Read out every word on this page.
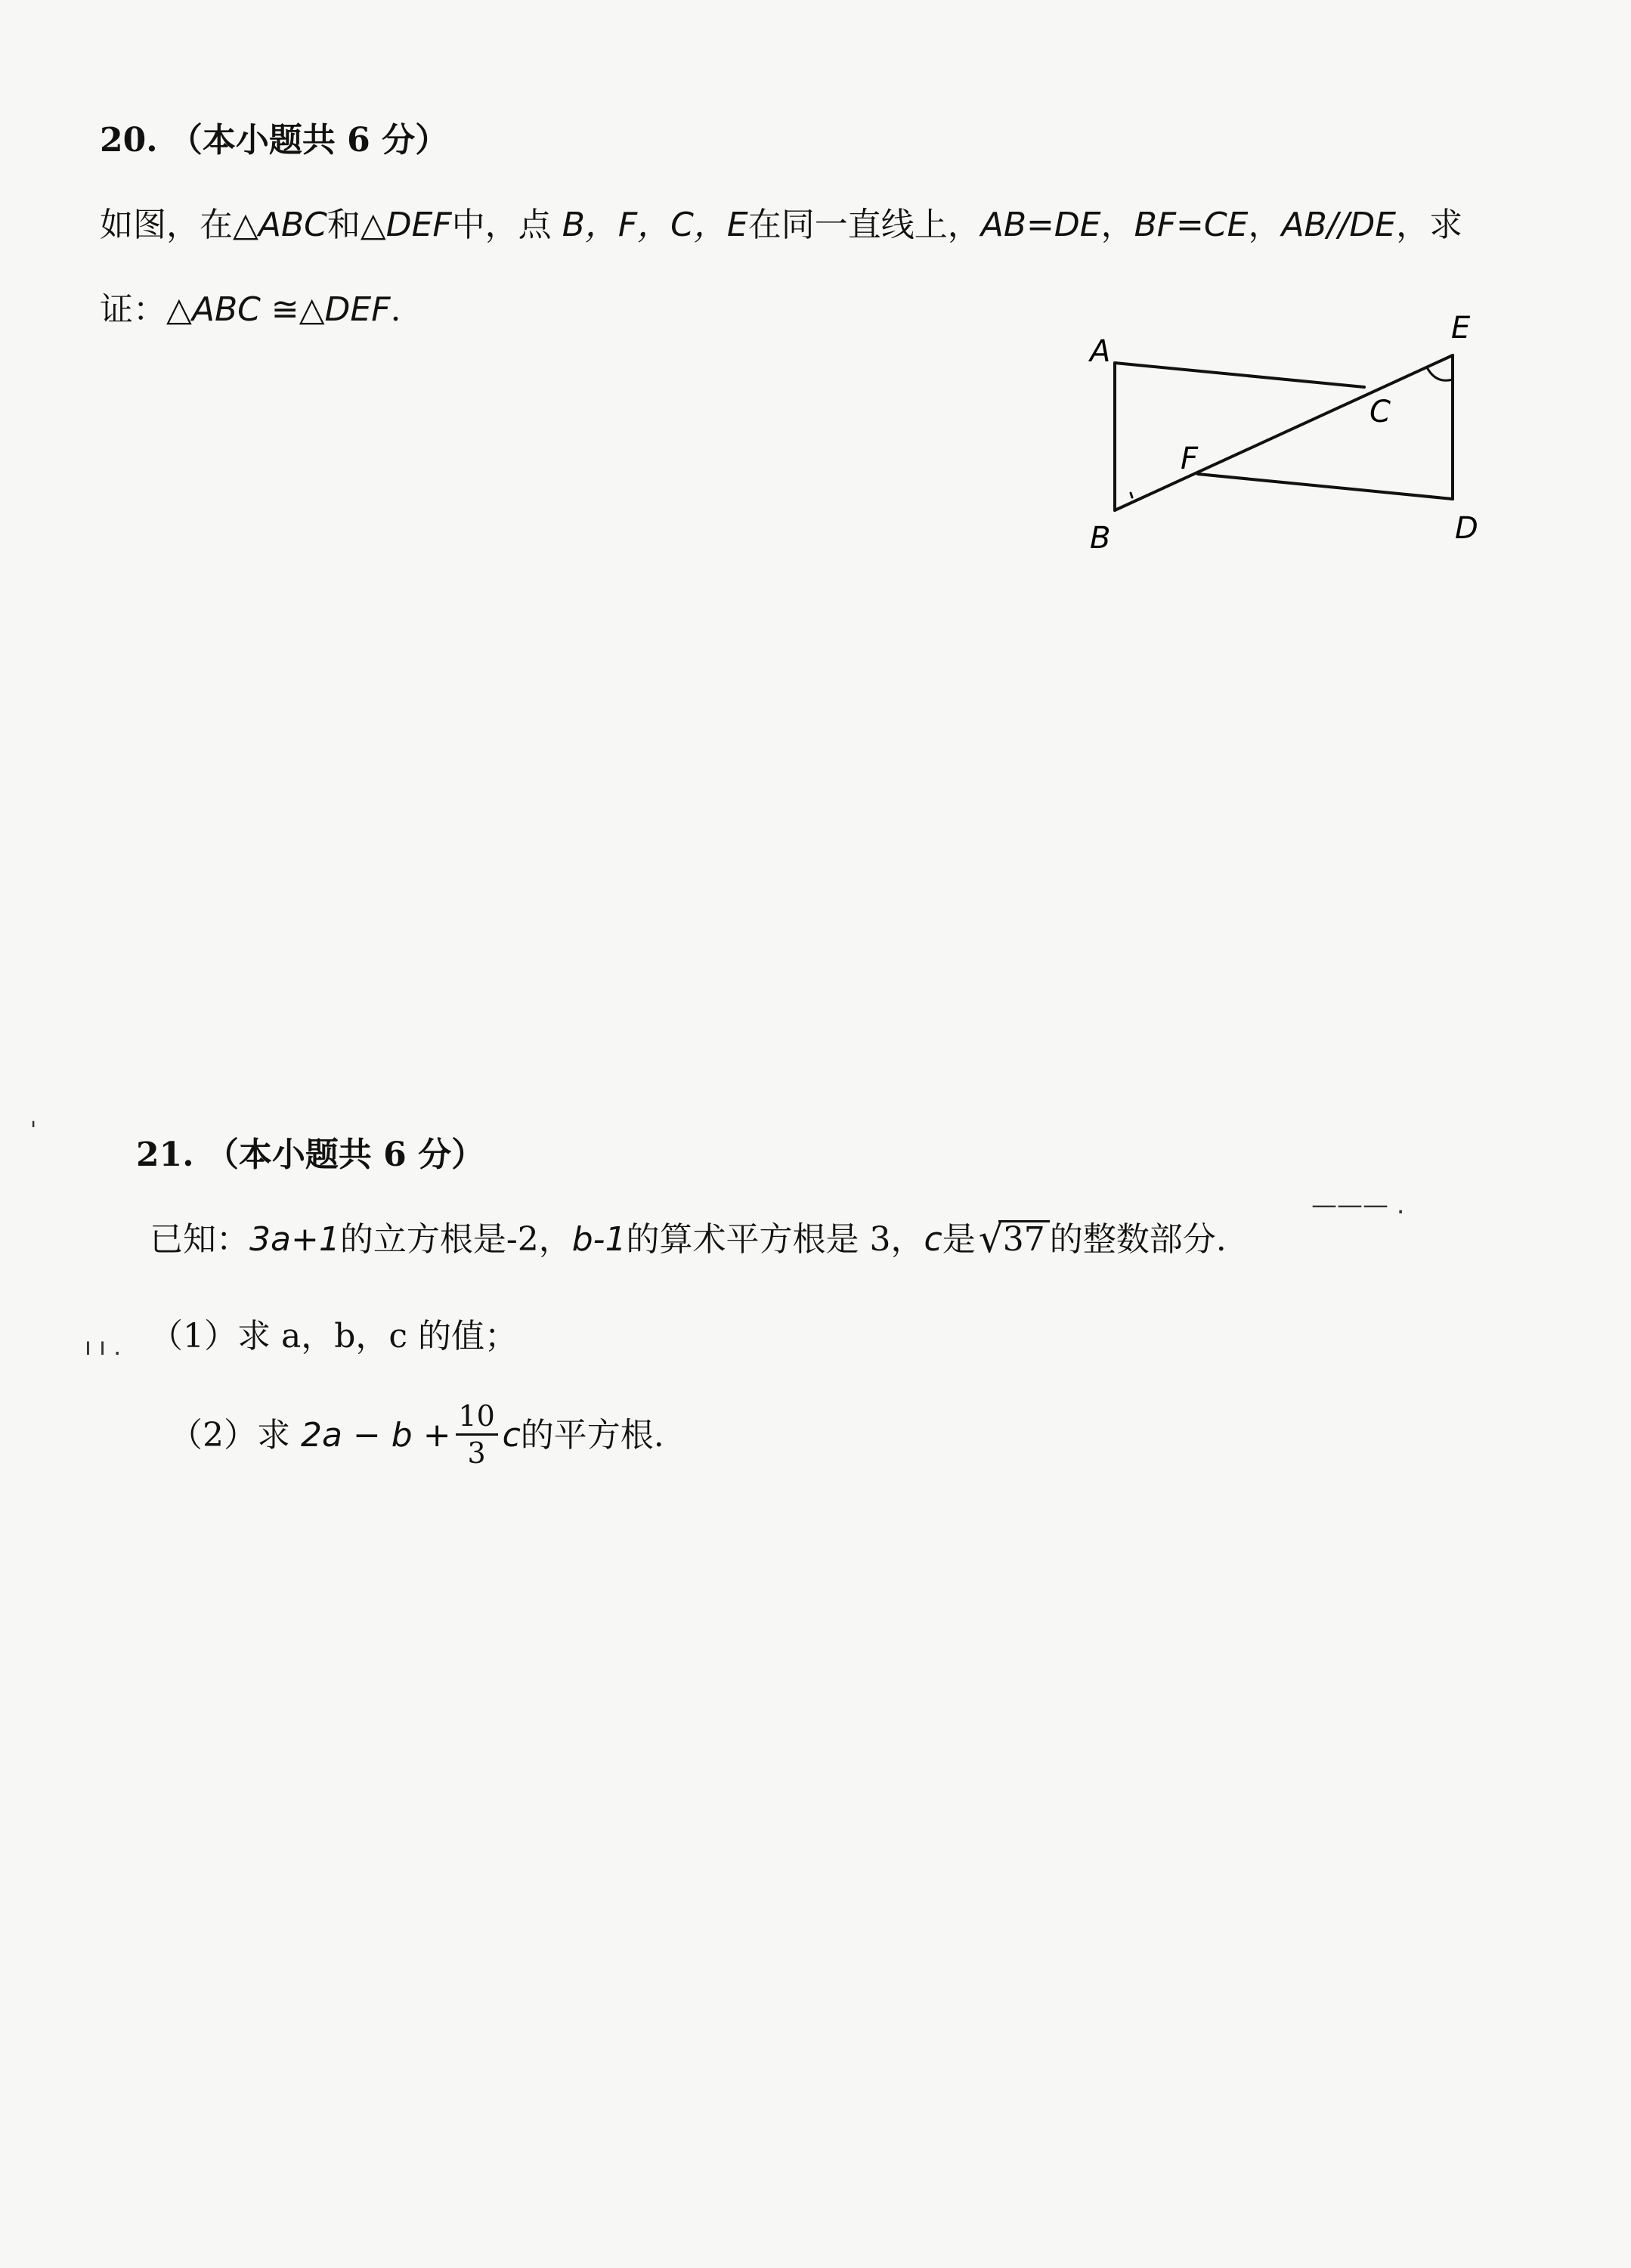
20. （本小题共 6 分）
如图，在△ABC和△DEF中，点 B，F，C，E在同一直线上，AB=DE，BF=CE，AB//DE，求
证：△ABC ≅△DEF.
A
B
C
D
E
F
'
21. （本小题共 6 分）
——— .
已知：3a+1的立方根是-2，b-1的算术平方根是 3，c是√ 37 的整数部分.
ı ı . （1）求 a，b，c 的值；
（2）求 $2a - b + \frac{10}{3}$ c的平方根.
